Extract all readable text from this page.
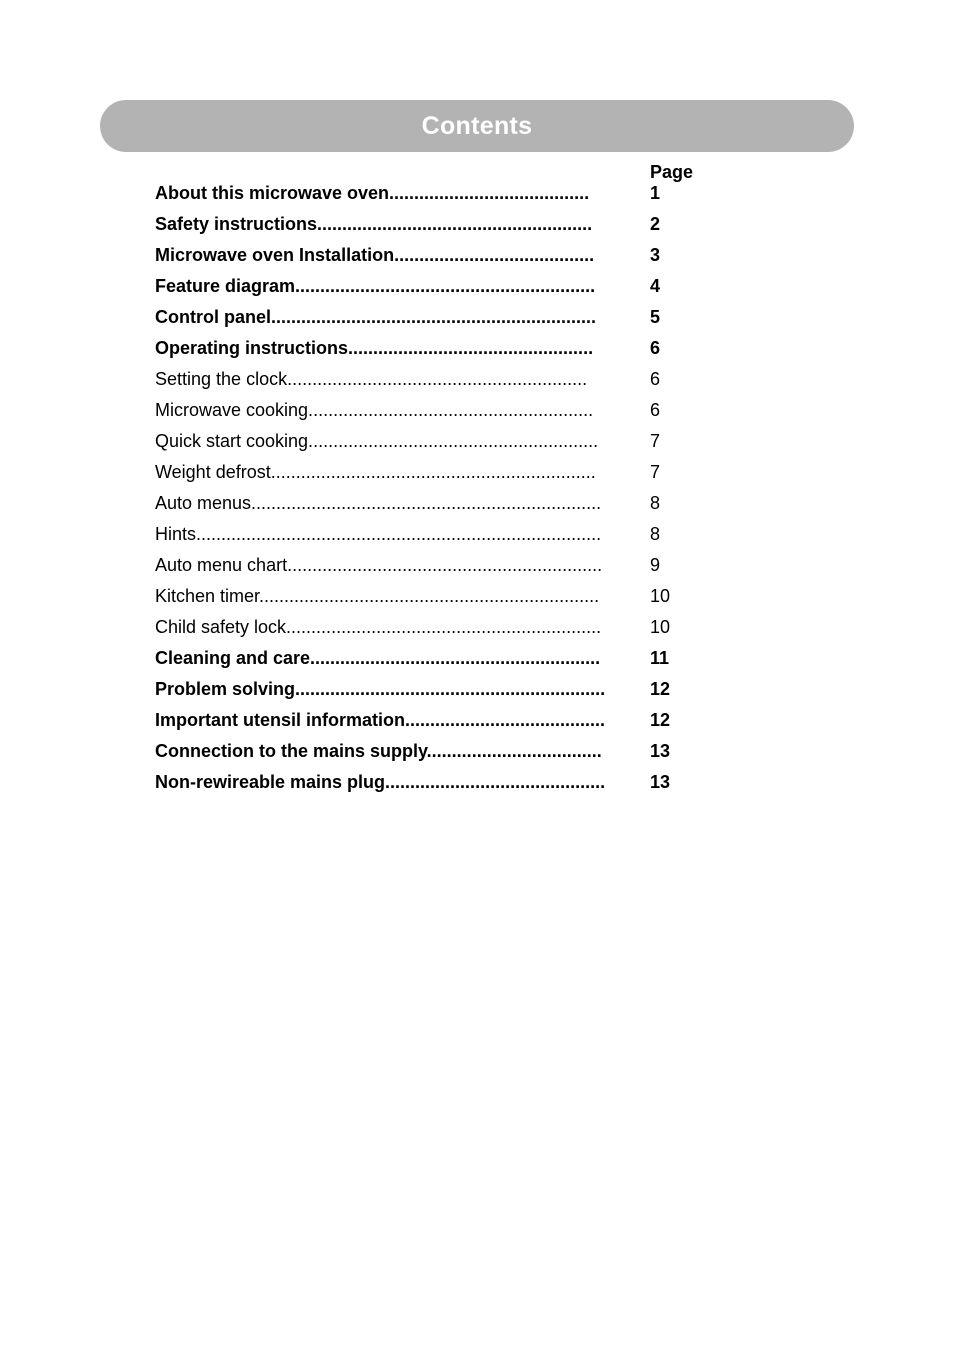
Contents
Page
About this microwave oven........................................	1
Safety instructions.......................................................	2
Microwave oven Installation........................................	3
Feature diagram............................................................	4
Control panel.................................................................	5
Operating instructions.................................................	6
Setting the clock............................................................	6
Microwave cooking.........................................................	6
Quick start cooking..........................................................	7
Weight defrost.................................................................	7
Auto menus......................................................................	8
Hints.................................................................................	8
Auto menu chart...............................................................	9
Kitchen timer....................................................................	10
Child safety lock...............................................................	10
Cleaning and care..........................................................	11
Problem solving.............................................................. 12
Important utensil information........................................ 12
Connection to the mains supply...................................	13
Non-rewireable mains plug............................................ 13
